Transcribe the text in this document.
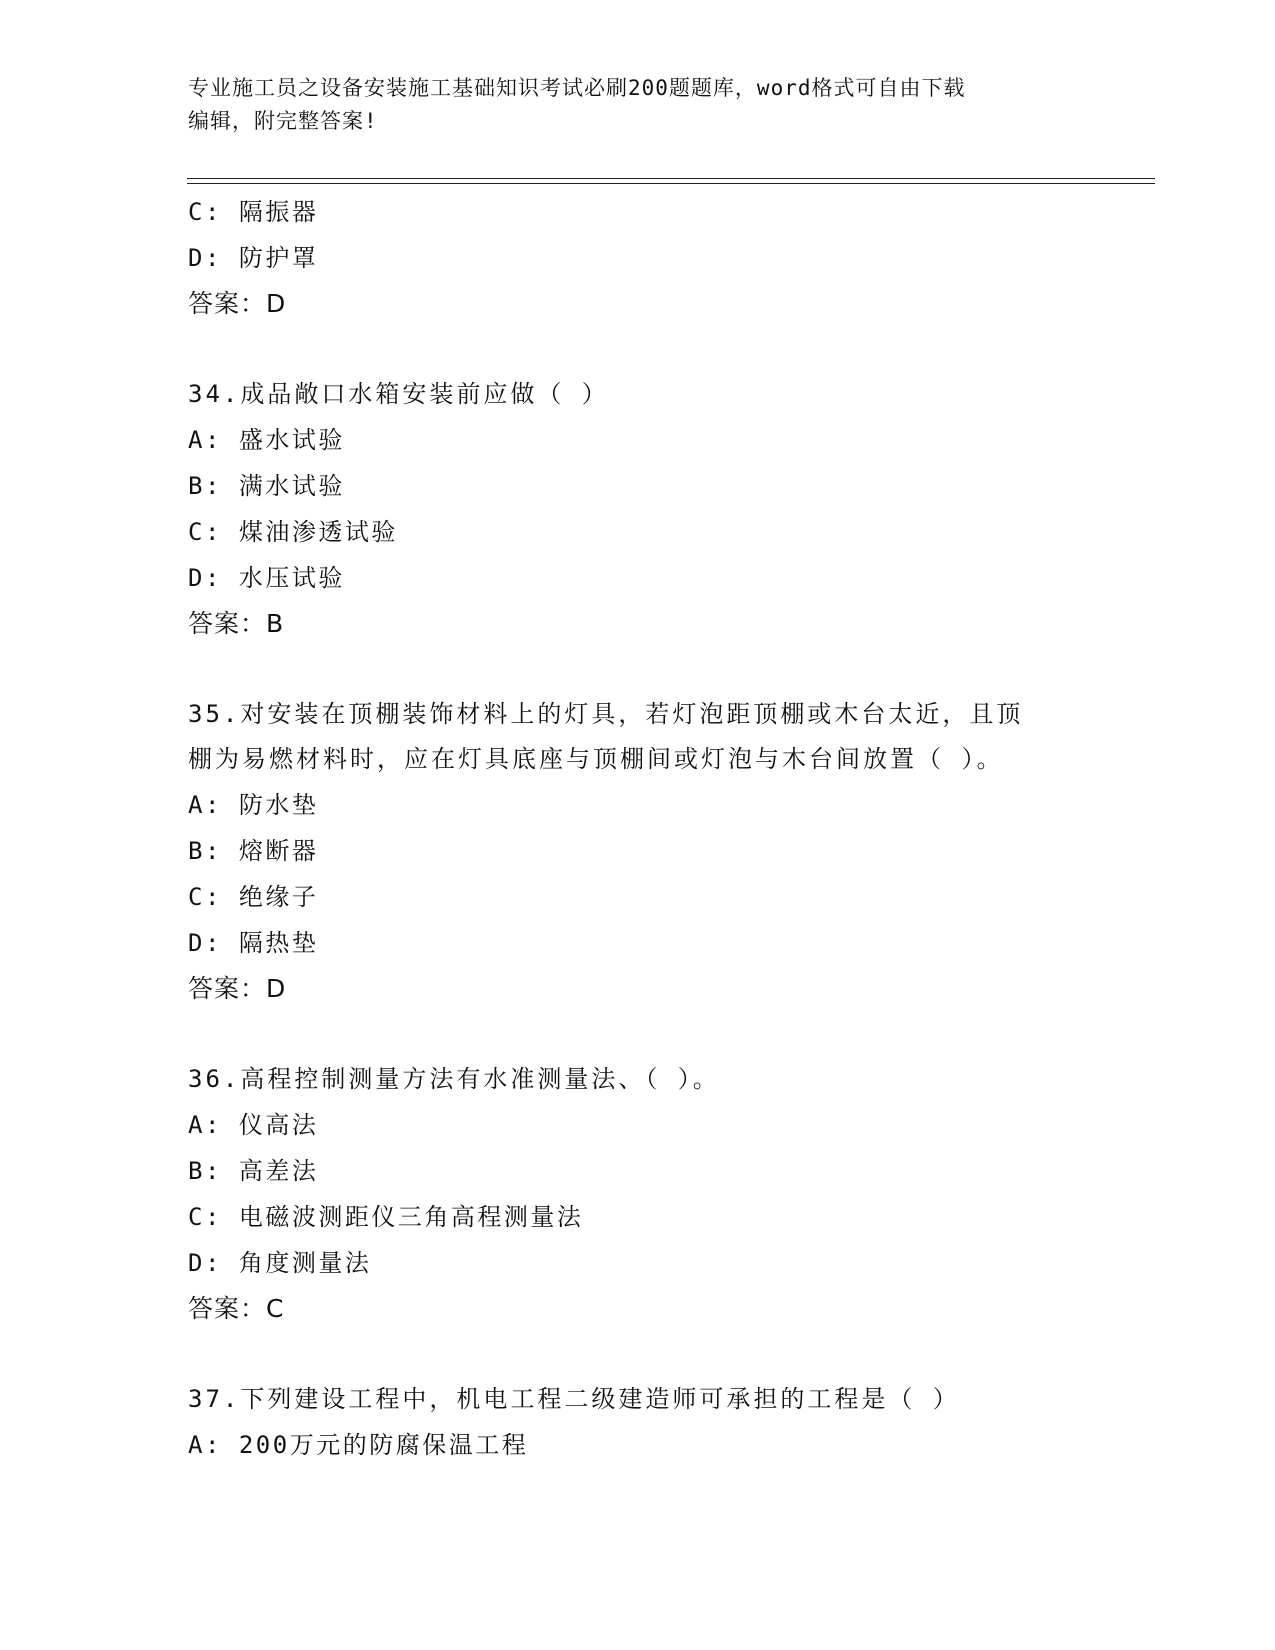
专业施工员之设备安装施工基础知识考试必刷200题题库，word格式可自由下载
编辑，附完整答案!
C: 隔振器
D: 防护罩
答案：D
34.成品敞口水箱安装前应做（ ）
A: 盛水试验
B: 满水试验
C: 煤油渗透试验
D: 水压试验
答案：B
35.对安装在顶棚装饰材料上的灯具，若灯泡距顶棚或木台太近，且顶
棚为易燃材料时，应在灯具底座与顶棚间或灯泡与木台间放置（ ）。
A: 防水垫
B: 熔断器
C: 绝缘子
D: 隔热垫
答案：D
36.高程控制测量方法有水准测量法、（ ）。
A: 仪高法
B: 高差法
C: 电磁波测距仪三角高程测量法
D: 角度测量法
答案：C
37.下列建设工程中，机电工程二级建造师可承担的工程是（ ）
A: 200万元的防腐保温工程
